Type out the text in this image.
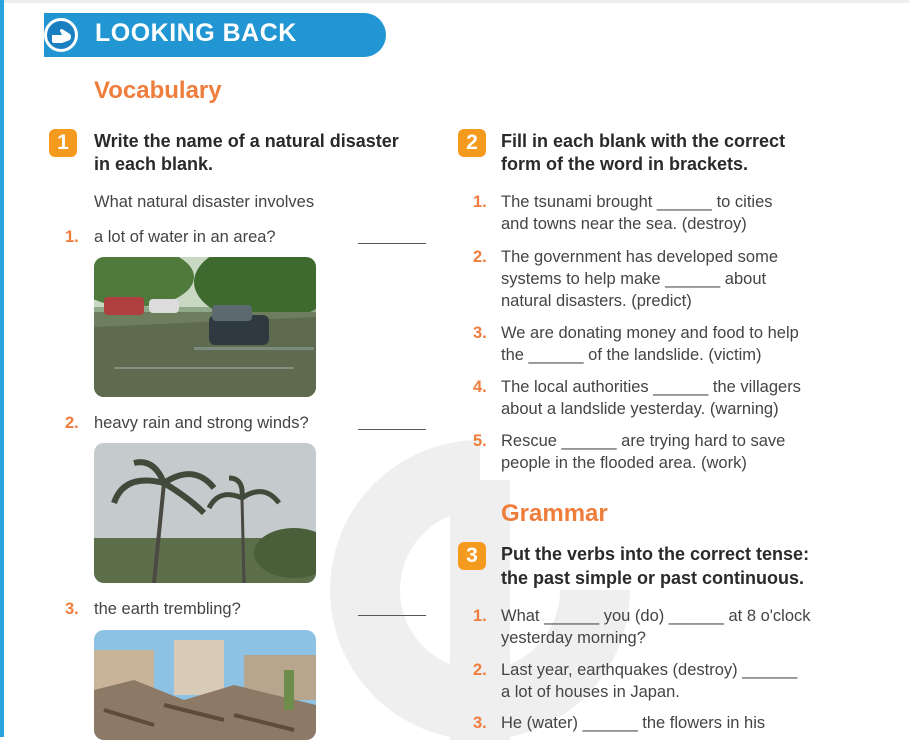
LOOKING BACK
Vocabulary
1	Write the name of a natural disaster
in each blank.
What natural disaster involves
1. a lot of water in an area?
2. heavy rain and strong winds?
3. the earth trembling?
2	Fill in each blank with the correct
form of the word in brackets.
1. The tsunami brought ______ to cities
and towns near the sea. (destroy)
2. The government has developed some
systems to help make ______ about
natural disasters. (predict)
3. We are donating money and food to help
the ______ of the landslide. (victim)
4. The local authorities ______ the villagers
about a landslide yesterday. (warning)
5. Rescue ______ are trying hard to save
people in the flooded area. (work)
Grammar
3	Put the verbs into the correct tense:
the past simple or past continuous.
1. What ______ you (do) ______ at 8 o'clock
yesterday morning?
2. Last year, earthquakes (destroy) ______
a lot of houses in Japan.
3. He (water) ______ the flowers in his
